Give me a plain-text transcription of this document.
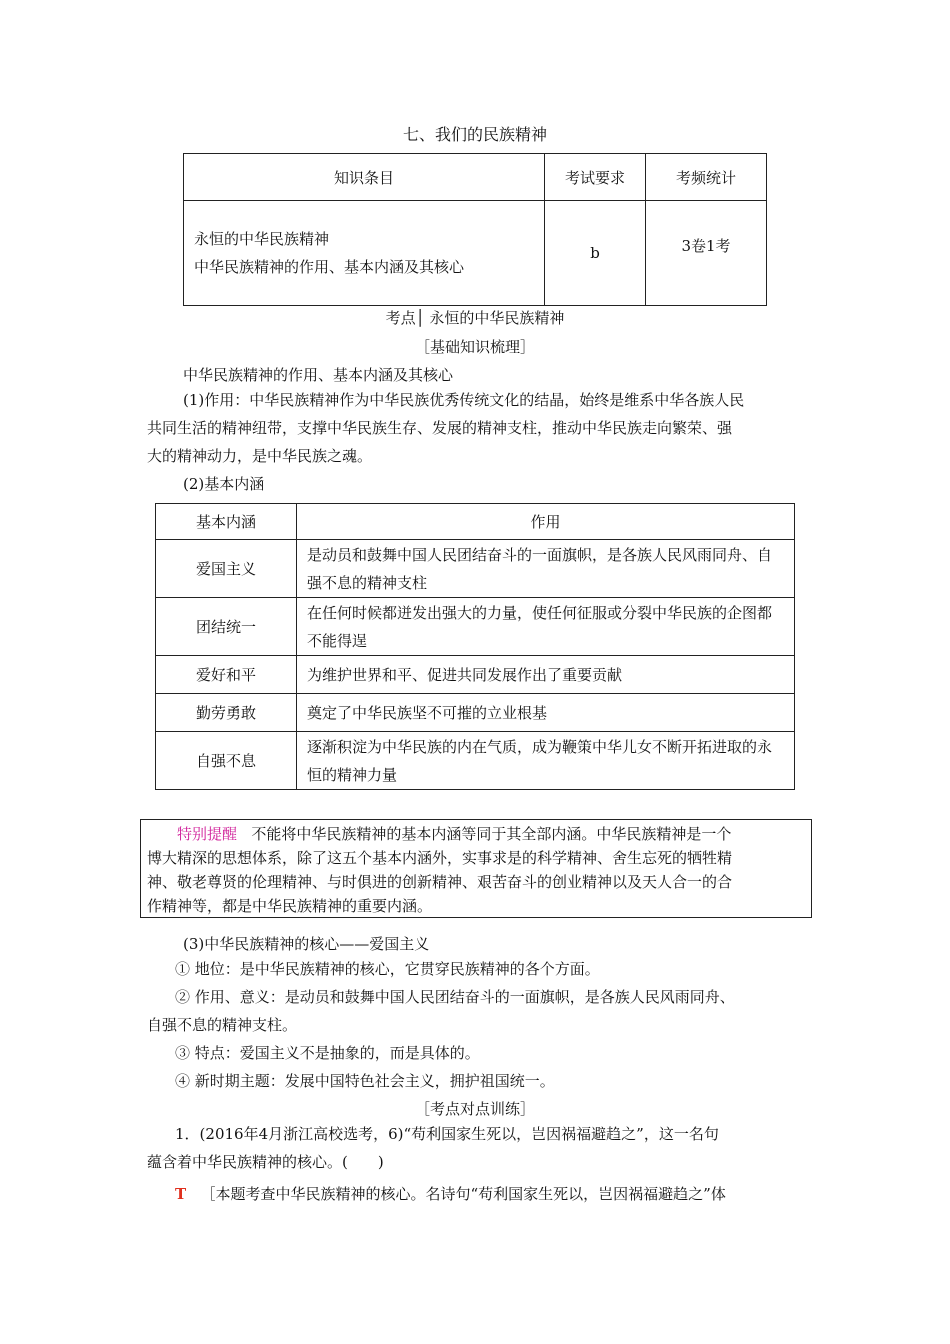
七、我们的民族精神
知识条目	考试要求	考频统计

永恒的中华民族精神
中华民族精神的作用、基本内涵及其核心	b	3卷1考
考点│ 永恒的中华民族精神
［基础知识梳理］
中华民族精神的作用、基本内涵及其核心
(1)作用：中华民族精神作为中华民族优秀传统文化的结晶，始终是维系中华各族人民
共同生活的精神纽带，支撑中华民族生存、发展的精神支柱，推动中华民族走向繁荣、强
大的精神动力，是中华民族之魂。
(2)基本内涵
基本内涵	作用
爱国主义	是动员和鼓舞中国人民团结奋斗的一面旗帜，是各族人民风雨同舟、自强不息的精神支柱
团结统一	在任何时候都迸发出强大的力量，使任何征服或分裂中华民族的企图都不能得逞
爱好和平	为维护世界和平、促进共同发展作出了重要贡献
勤劳勇敢	奠定了中华民族坚不可摧的立业根基
自强不息	逐渐积淀为中华民族的内在气质，成为鞭策中华儿女不断开拓进取的永恒的精神力量
特别提醒 不能将中华民族精神的基本内涵等同于其全部内涵。中华民族精神是一个
博大精深的思想体系，除了这五个基本内涵外，实事求是的科学精神、舍生忘死的牺牲精
神、敬老尊贤的伦理精神、与时俱进的创新精神、艰苦奋斗的创业精神以及天人合一的合
作精神等，都是中华民族精神的重要内涵。
(3)中华民族精神的核心——爱国主义
① 地位：是中华民族精神的核心，它贯穿民族精神的各个方面。
② 作用、意义：是动员和鼓舞中国人民团结奋斗的一面旗帜，是各族人民风雨同舟、
自强不息的精神支柱。
③ 特点：爱国主义不是抽象的，而是具体的。
④ 新时期主题：发展中国特色社会主义，拥护祖国统一。
［考点对点训练］
1．(2016年4月浙江高校选考，6)“苟利国家生死以，岂因祸福避趋之”，这一名句
蕴含着中华民族精神的核心。(　　)
T ［本题考查中华民族精神的核心。名诗句“苟利国家生死以，岂因祸福避趋之”体
